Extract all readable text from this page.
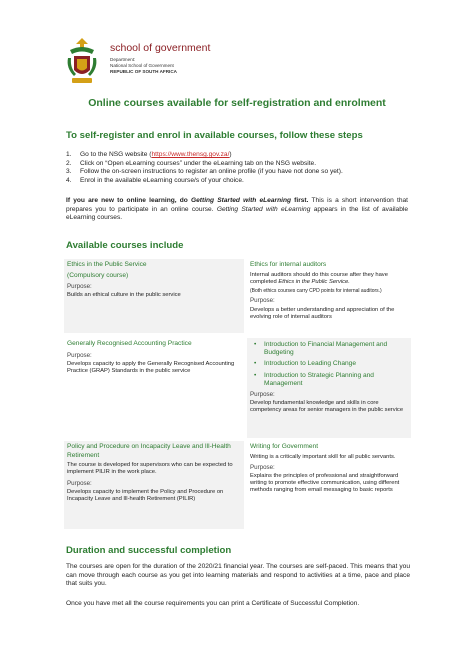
school of government
Department:
National School of Government
REPUBLIC OF SOUTH AFRICA
Online courses available for self-registration and enrolment
To self-register and enrol in available courses, follow these steps
1.	Go to the NSG website (https://www.thensg.gov.za/)
2.	Click on “Open eLearning courses” under the eLearning tab on the NSG website.
3.	Follow the on-screen instructions to register an online profile (if you have not done so yet).
4.	Enrol in the available eLearning course/s of your choice.
If you are new to online learning, do Getting Started with eLearning first. This is a short intervention that prepares you to participate in an online course. Getting Started with eLearning appears in the list of available eLearning courses.
Available courses include
Ethics in the Public Service
(Compulsory course)
Purpose:

Builds an ethical culture in the public service

Ethics for internal auditors

Internal auditors should do this course after they have completed Ethics in the Public Service.

(Both ethics courses carry CPD points for internal auditors.)

Purpose:

Develops a better understanding and appreciation of the evolving role of internal auditors

Generally Recognised Accounting Practice
Purpose:

Develops capacity to apply the Generally Recognised Accounting Practice (GRAP) Standards in the public service

• Introduction to Financial Management and Budgeting
• Introduction to Leading Change
• Introduction to Strategic Planning and Management
Purpose:

Develop fundamental knowledge and skills in core competency areas for senior managers in the public service

Policy and Procedure on Incapacity Leave and Ill-Health Retirement

The course is developed for supervisors who can be expected to implement PILIR in the work place.

Purpose:

Develops capacity to implement the Policy and Procedure on Incapacity Leave and Ill-health Retirement (PILIR)

Writing for Government

Writing is a critically important skill for all public servants.

Purpose:

Explains the principles of professional and straightforward writing to promote effective communication, using different methods ranging from email messaging to basic reports

Duration and successful completion
The courses are open for the duration of the 2020/21 financial year. The courses are self-paced. This means that you can move through each course as you get into learning materials and respond to activities at a time, pace and place that suits you.
Once you have met all the course requirements you can print a Certificate of Successful Completion.
